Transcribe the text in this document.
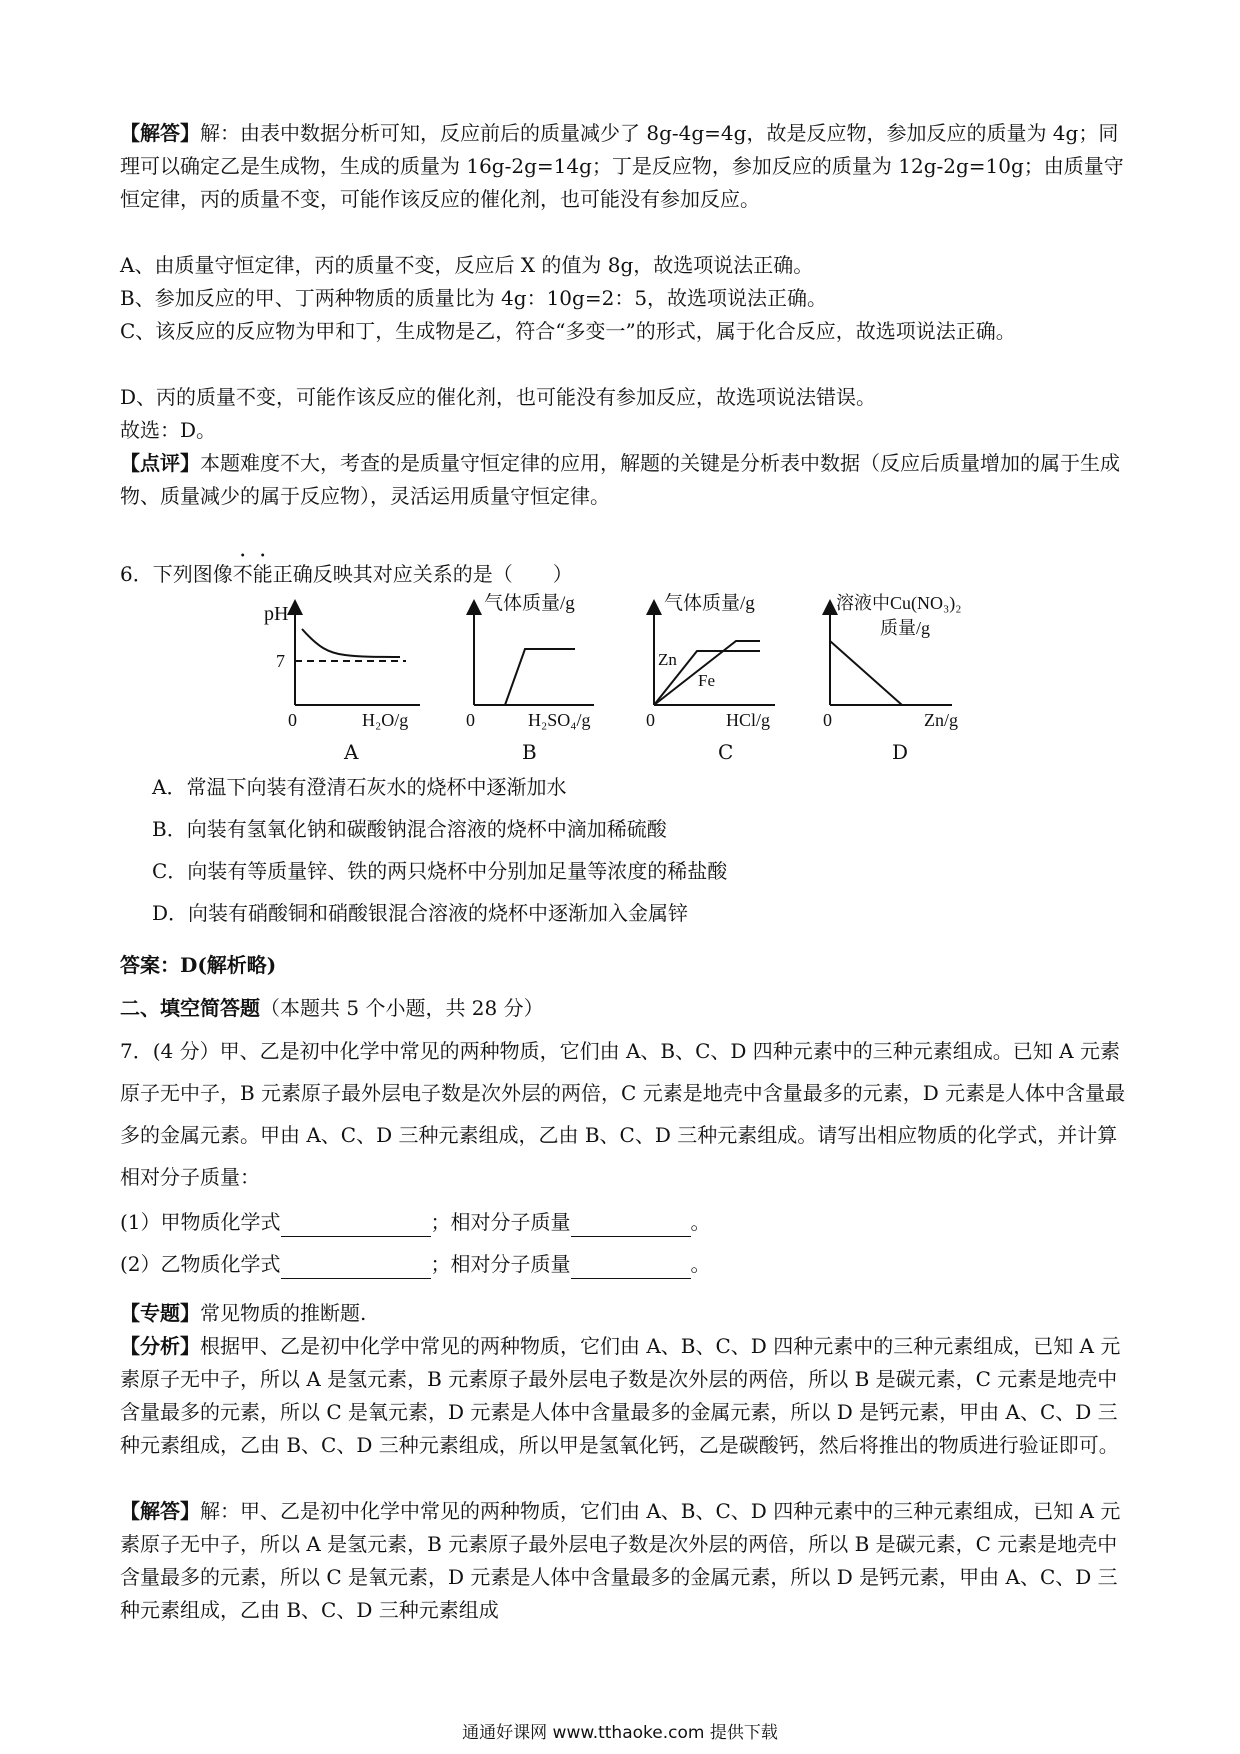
【解答】解：由表中数据分析可知，反应前后的质量减少了 8g-4g=4g，故是反应物，参加反应的质量为 4g；同理可以确定乙是生成物，生成的质量为 16g-2g=14g；丁是反应物，参加反应的质量为 12g-2g=10g；由质量守恒定律，丙的质量不变，可能作该反应的催化剂，也可能没有参加反应。

A、由质量守恒定律，丙的质量不变，反应后 X 的值为 8g，故选项说法正确。

B、参加反应的甲、丁两种物质的质量比为 4g：10g=2：5，故选项说法正确。

C、该反应的反应物为甲和丁，生成物是乙，符合“多变一”的形式，属于化合反应，故选项说法正确。

D、丙的质量不变，可能作该反应的催化剂，也可能没有参加反应，故选项说法错误。

故选：D。

【点评】本题难度不大，考查的是质量守恒定律的应用，解题的关键是分析表中数据（反应后质量增加的属于生成物、质量减少的属于反应物），灵活运用质量守恒定律。

6．下列图像不能正确反映其对应关系的是（　　）
pH
7
0	H₂O/g
气体质量/g
0	H₂SO₄/g
气体质量/g
Zn
Fe
0	HCl/g
溶液中Cu(NO₃)₂
质量/g
0	Zn/g
A	B	C	D

A．常温下向装有澄清石灰水的烧杯中逐渐加水

B．向装有氢氧化钠和碳酸钠混合溶液的烧杯中滴加稀硫酸

C．向装有等质量锌、铁的两只烧杯中分别加足量等浓度的稀盐酸

D．向装有硝酸铜和硝酸银混合溶液的烧杯中逐渐加入金属锌

答案：D(解析略)
二、填空简答题（本题共 5 个小题，共 28 分）

7．(4 分）甲、乙是初中化学中常见的两种物质，它们由 A、B、C、D 四种元素中的三种元素组成。已知 A 元素原子无中子，B 元素原子最外层电子数是次外层的两倍，C 元素是地壳中含量最多的元素，D 元素是人体中含量最多的金属元素。甲由 A、C、D 三种元素组成，乙由 B、C、D 三种元素组成。请写出相应物质的化学式，并计算相对分子质量：

(1）甲物质化学式	；相对分子质量	。
(2）乙物质化学式	；相对分子质量	。

【专题】常见物质的推断题.

【分析】根据甲、乙是初中化学中常见的两种物质，它们由 A、B、C、D 四种元素中的三种元素组成，已知 A 元素原子无中子，所以 A 是氢元素，B 元素原子最外层电子数是次外层的两倍，所以 B 是碳元素，C 元素是地壳中含量最多的元素，所以 C 是氧元素，D 元素是人体中含量最多的金属元素，所以 D 是钙元素，甲由 A、C、D 三种元素组成，乙由 B、C、D 三种元素组成，所以甲是氢氧化钙，乙是碳酸钙，然后将推出的物质进行验证即可。

【解答】解：甲、乙是初中化学中常见的两种物质，它们由 A、B、C、D 四种元素中的三种元素组成，已知 A 元素原子无中子，所以 A 是氢元素，B 元素原子最外层电子数是次外层的两倍，所以 B 是碳元素，C 元素是地壳中含量最多的元素，所以 C 是氧元素，D 元素是人体中含量最多的金属元素，所以 D 是钙元素，甲由 A、C、D 三种元素组成，乙由 B、C、D 三种元素组成

通通好课网 www.tthaoke.com 提供下载
